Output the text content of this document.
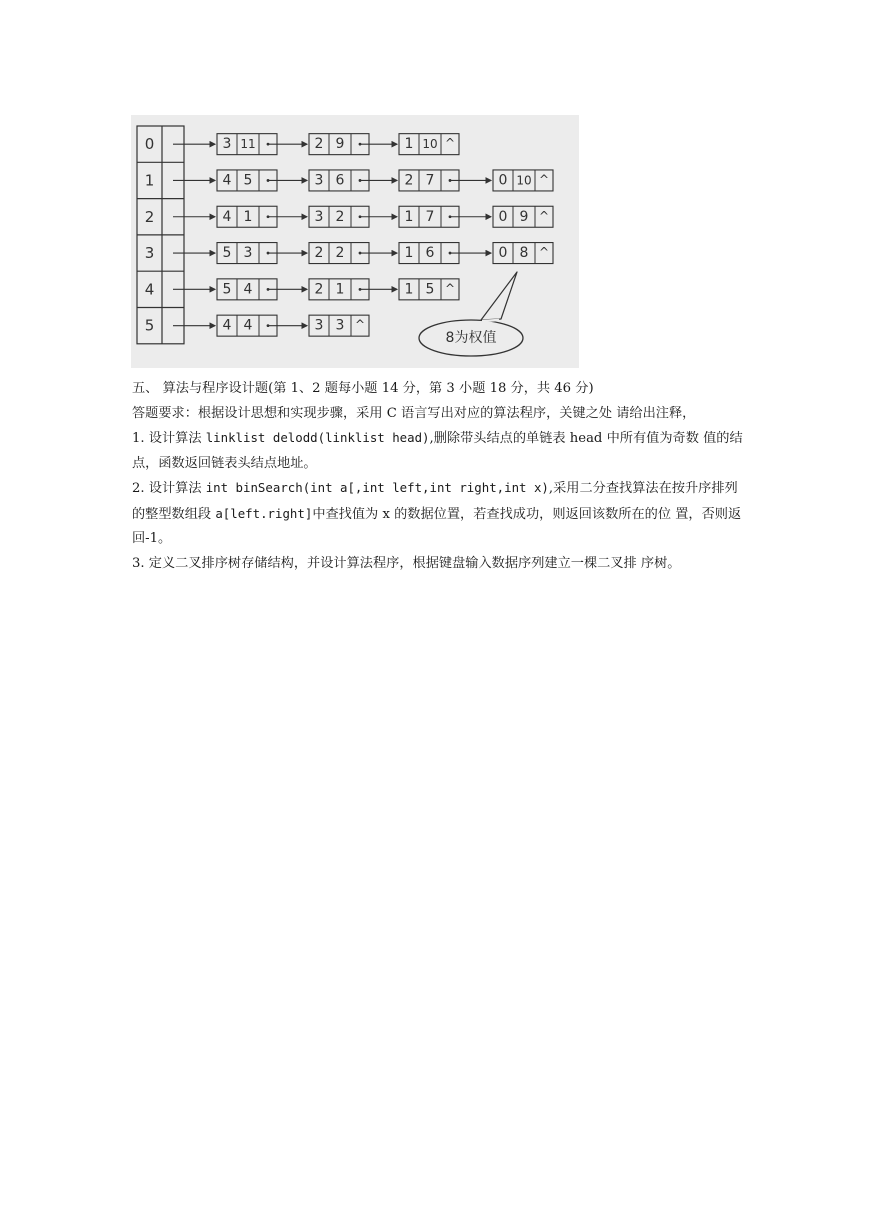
0	3 11	2 9	1 10 ^
1	4 5	3 6	2 7	0 10 ^
2	4 1	3 2	1 7	0 9 ^
3	5 3	2 2	1 6	0 8 ^
4	5 4	2 1	1 5 ^
5	4 4	3 3 ^
8为权值

五、 算法与程序设计题(第 1、2 题每小题 14 分，第 3 小题 18 分，共 46 分)

答题要求：根据设计思想和实现步骤，采用 C 语言写出对应的算法程序，关键之处 请给出注释，

1. 设计算法 linklist delodd(linklist head),删除带头结点的单链表 head 中所有值为奇数 值的结点，函数返回链表头结点地址。

2. 设计算法 int binSearch(int a[,int left,int right,int x),采用二分查找算法在按升序排列 的整型数组段 a[left.right]中查找值为 x 的数据位置，若查找成功，则返回该数所在的位 置，否则返回-1。

3. 定义二叉排序树存储结构，并设计算法程序，根据键盘输入数据序列建立一棵二叉排 序树。
